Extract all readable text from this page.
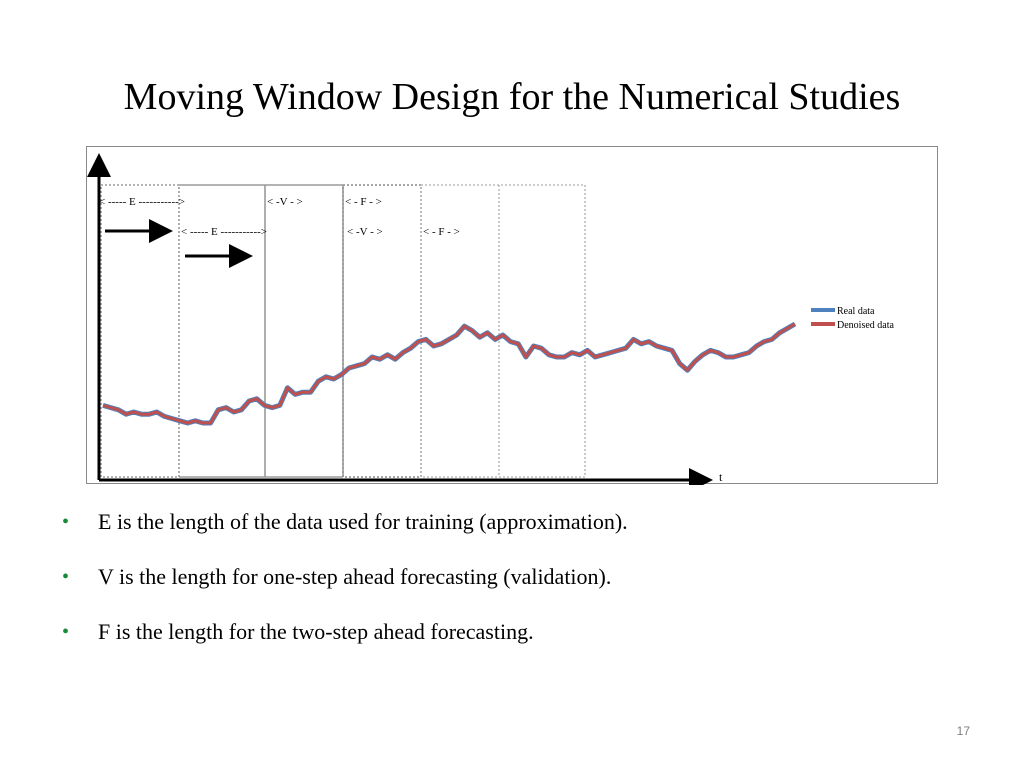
Moving Window Design for the Numerical Studies
< ----- E ----------->	< -V - >	< - F - >
< ----- E ----------->	< -V - >	< - F - >
t
Real data
Denoised data
• E is the length of the data used for training (approximation).
• V is the length for one-step ahead forecasting (validation).
• F is the length for the two-step ahead forecasting.
17
